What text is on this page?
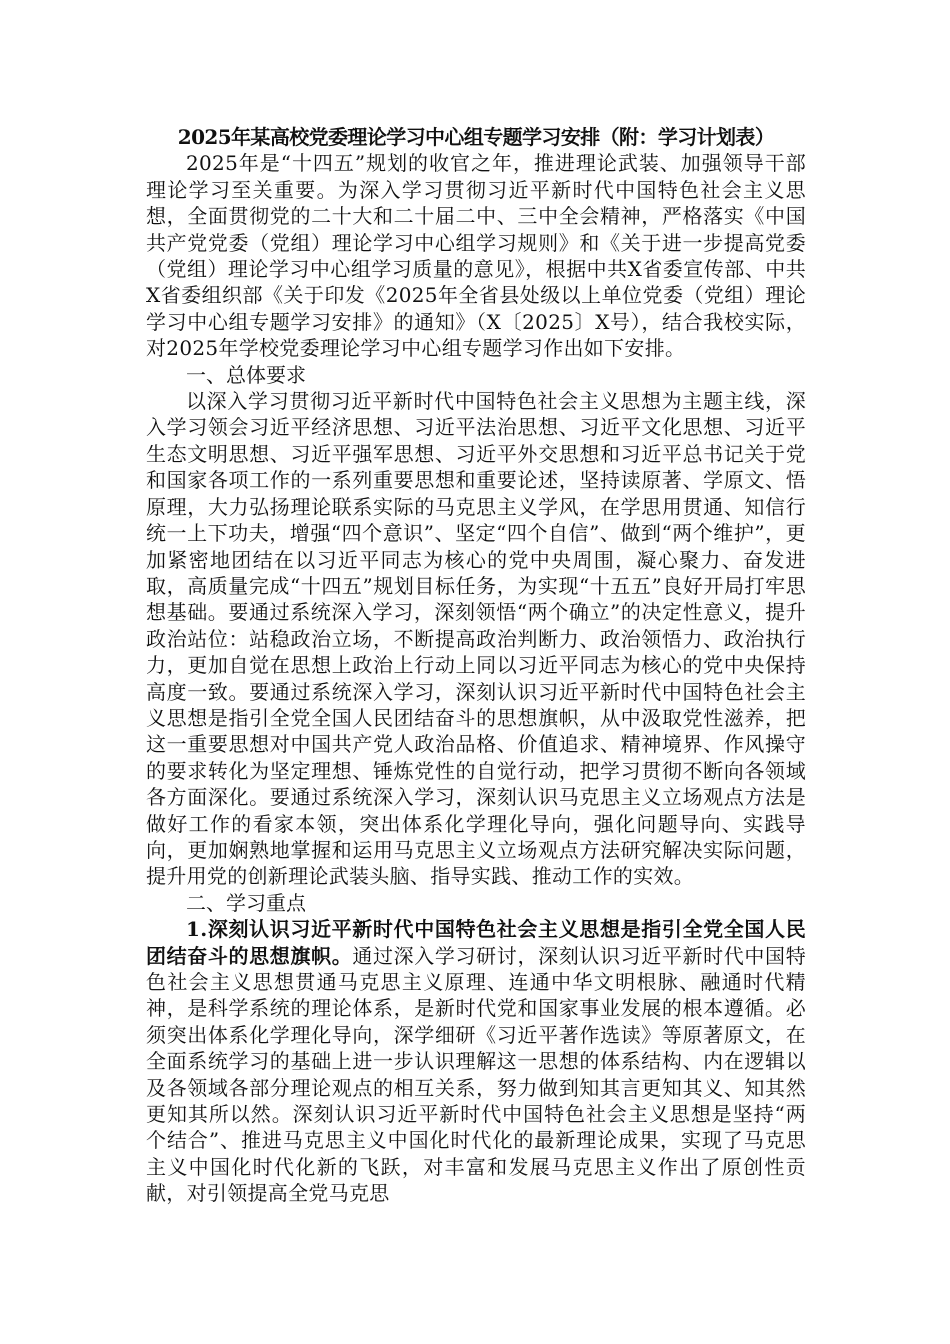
2025年某高校党委理论学习中心组专题学习安排（附：学习计划表）

2025年是“十四五”规划的收官之年，推进理论武装、加强领导干部理论学习至关重要。为深入学习贯彻习近平新时代中国特色社会主义思想，全面贯彻党的二十大和二十届二中、三中全会精神，严格落实《中国共产党党委（党组）理论学习中心组学习规则》和《关于进一步提高党委（党组）理论学习中心组学习质量的意见》，根据中共X省委宣传部、中共X省委组织部《关于印发《2025年全省县处级以上单位党委（党组）理论学习中心组专题学习安排》的通知》（X〔2025〕X号），结合我校实际，对2025年学校党委理论学习中心组专题学习作出如下安排。

一、总体要求

以深入学习贯彻习近平新时代中国特色社会主义思想为主题主线，深入学习领会习近平经济思想、习近平法治思想、习近平文化思想、习近平生态文明思想、习近平强军思想、习近平外交思想和习近平总书记关于党和国家各项工作的一系列重要思想和重要论述，坚持读原著、学原文、悟原理，大力弘扬理论联系实际的马克思主义学风，在学思用贯通、知信行统一上下功夫，增强“四个意识”、坚定“四个自信”、做到“两个维护”，更加紧密地团结在以习近平同志为核心的党中央周围，凝心聚力、奋发进取，高质量完成“十四五”规划目标任务，为实现“十五五”良好开局打牢思想基础。要通过系统深入学习，深刻领悟“两个确立”的决定性意义，提升政治站位：站稳政治立场，不断提高政治判断力、政治领悟力、政治执行力，更加自觉在思想上政治上行动上同以习近平同志为核心的党中央保持高度一致。要通过系统深入学习，深刻认识习近平新时代中国特色社会主义思想是指引全党全国人民团结奋斗的思想旗帜，从中汲取党性滋养，把这一重要思想对中国共产党人政治品格、价值追求、精神境界、作风操守的要求转化为坚定理想、锤炼党性的自觉行动，把学习贯彻不断向各领域各方面深化。要通过系统深入学习，深刻认识马克思主义立场观点方法是做好工作的看家本领，突出体系化学理化导向，强化问题导向、实践导向，更加娴熟地掌握和运用马克思主义立场观点方法研究解决实际问题，提升用党的创新理论武装头脑、指导实践、推动工作的实效。

二、学习重点

1.深刻认识习近平新时代中国特色社会主义思想是指引全党全国人民团结奋斗的思想旗帜。通过深入学习研讨，深刻认识习近平新时代中国特色社会主义思想贯通马克思主义原理、连通中华文明根脉、融通时代精神，是科学系统的理论体系，是新时代党和国家事业发展的根本遵循。必须突出体系化学理化导向，深学细研《习近平著作选读》等原著原文，在全面系统学习的基础上进一步认识理解这一思想的体系结构、内在逻辑以及各领域各部分理论观点的相互关系，努力做到知其言更知其义、知其然更知其所以然。深刻认识习近平新时代中国特色社会主义思想是坚持“两个结合”、推进马克思主义中国化时代化的最新理论成果，实现了马克思主义中国化时代化新的飞跃，对丰富和发展马克思主义作出了原创性贡献，对引领提高全党马克思
